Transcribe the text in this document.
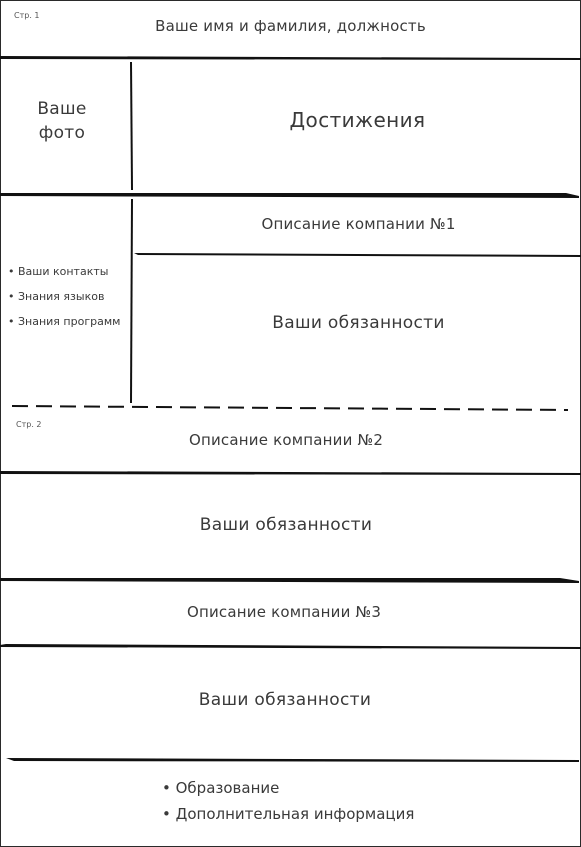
Стр. 1
Ваше имя и фамилия, должность
Ваше фото
Достижения
• Ваши контакты
• Знания языков
• Знания программ
Описание компании №1
Ваши обязанности
Стр. 2
Описание компании №2
Ваши обязанности
Описание компании №3
Ваши обязанности
• Образование
• Дополнительная информация
